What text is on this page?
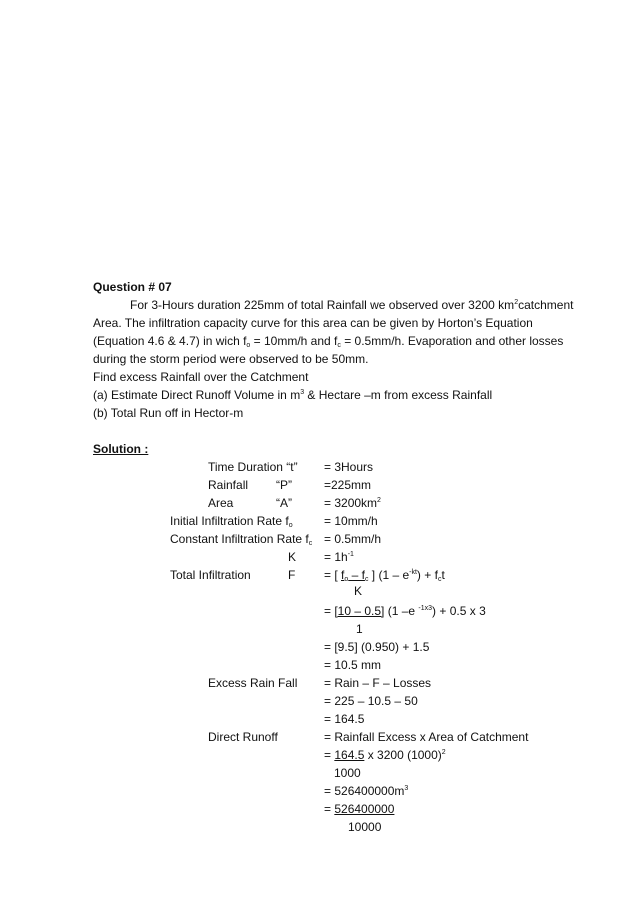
Question # 07
For 3-Hours duration 225mm of total Rainfall we observed over 3200 $km^2catchment$
Area. The infiltration capacity curve for this area can be given by Horton’s Equation
(Equation 4.6 & 4.7) in wich $f_o = 10mm/h$ and $f_c = 0.5mm/h$. Evaporation and other losses
during the storm period were observed to be 50mm.
Find excess Rainfall over the Catchment
(a) Estimate Direct Runoff Volume in $m^3$ & Hectare –m from excess Rainfall
(b) Total Run off in Hector-m
Solution :
Time Duration “t” = 3Hours
Rainfall “P”	=225mm
Area	“A”	= $3200km^2$
Initial Infiltration Rate $f_o$	= 10mm/h
Constant Infiltration Rate $f_c = 0.5mm/h$
$K = 1h^{-1}$
Total Infiltration	F = [ $f_o - f_c$ ] $(1 - e^{-kt}) + f_ct$
K
= [10 – 0.5] (1 –e $^{-1x3}$) + 0.5 x 3
1
= [9.5] (0.950) + 1.5
= 10.5 mm
Excess Rain Fall = Rain – F – Losses
= 225 – 10.5 – 50
= 164.5
Direct Runoff	= Rainfall Excess x Area of Catchment
= 164.5 x 3200 $(1000)^2$
1000
= $526400000m^3$
= 526400000
10000
